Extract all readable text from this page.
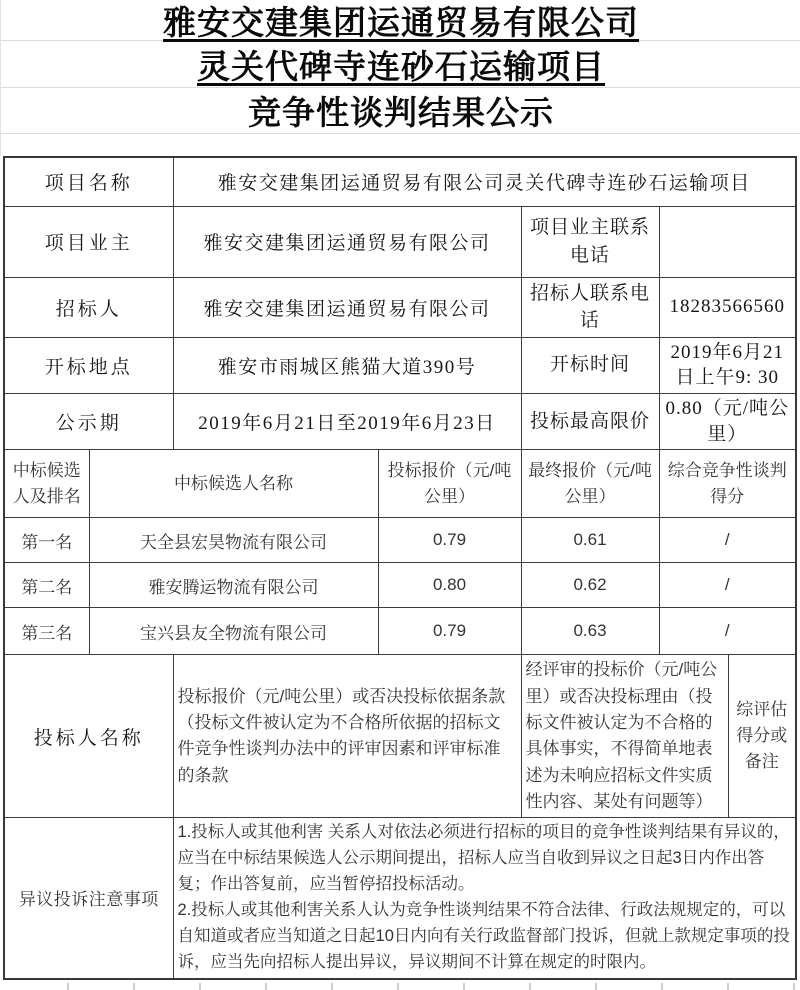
雅安交建集团运通贸易有限公司
灵关代碑寺连砂石运输项目
竞争性谈判结果公示
项目名称		雅安交建集团运通贸易有限公司灵关代碑寺连砂石运输项目				
项目业主		雅安交建集团运通贸易有限公司		项目业主联系电话		
招标人		雅安交建集团运通贸易有限公司		招标人联系电话	18283566560	
开标地点		雅安市雨城区熊猫大道390号		开标时间	2019年6月21日上午9: 30	
公示期		2019年6月21日至2019年6月23日		投标最高限价	0.80（元/吨公里）	
中标候选人及排名	中标候选人名称		投标报价（元/吨公里）	最终报价（元/吨公里）	综合竞争性谈判得分	
第一名	天全县宏昊物流有限公司		0.79	0.61	/	
第二名	雅安腾运物流有限公司		0.80	0.62	/	
第三名	宝兴县友全物流有限公司		0.79	0.63	/	
投标人名称		投标报价（元/吨公里）或否决投标依据条款（投标文件被认定为不合格所依据的招标文件竞争性谈判办法中的评审因素和评审标准的条款		经评审的投标价（元/吨公里）或否决投标理由（投标文件被认定为不合格的具体事实，不得简单地表述为未响应招标文件实质性内容、某处有问题等）		综评估得分或备注
异议投诉注意事项		1.投标人或其他利害 关系人对依法必须进行招标的项目的竞争性谈判结果有异议的，应当在中标结果候选人公示期间提出，招标人应当自收到异议之日起3日内作出答复；作出答复前，应当暂停招投标活动。

2.投标人或其他利害关系人认为竞争性谈判结果不符合法律、行政法规规定的，可以自知道或者应当知道之日起10日内向有关行政监督部门投诉，但就上款规定事项的投诉，应当先向招标人提出异议，异议期间不计算在规定的时限内。				
